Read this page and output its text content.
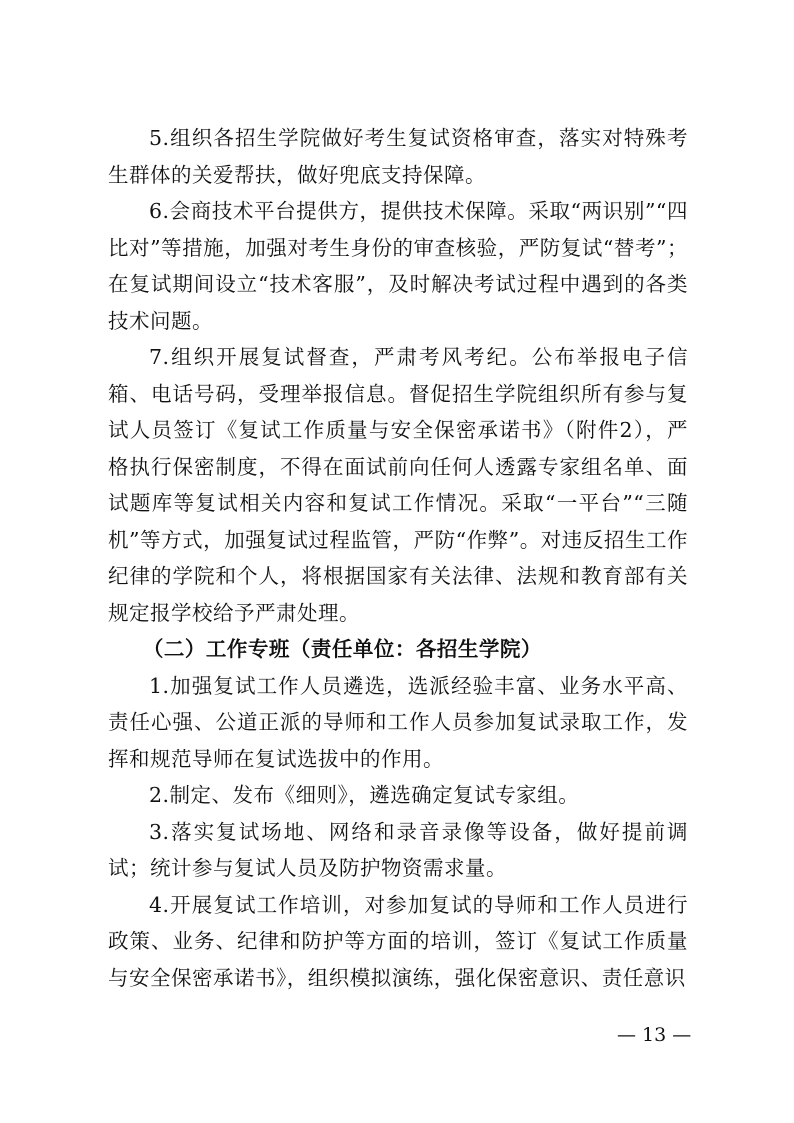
5.组织各招生学院做好考生复试资格审查，落实对特殊考生群体的关爱帮扶，做好兜底支持保障。

6.会商技术平台提供方，提供技术保障。采取“两识别”“四比对”等措施，加强对考生身份的审查核验，严防复试“替考”；在复试期间设立“技术客服”，及时解决考试过程中遇到的各类技术问题。

7.组织开展复试督查，严肃考风考纪。公布举报电子信箱、电话号码，受理举报信息。督促招生学院组织所有参与复试人员签订《复试工作质量与安全保密承诺书》（附件2），严格执行保密制度，不得在面试前向任何人透露专家组名单、面试题库等复试相关内容和复试工作情况。采取“一平台”“三随机”等方式，加强复试过程监管，严防“作弊”。对违反招生工作纪律的学院和个人，将根据国家有关法律、法规和教育部有关规定报学校给予严肃处理。

（二）工作专班（责任单位：各招生学院）

1.加强复试工作人员遴选，选派经验丰富、业务水平高、责任心强、公道正派的导师和工作人员参加复试录取工作，发挥和规范导师在复试选拔中的作用。

2.制定、发布《细则》，遴选确定复试专家组。

3.落实复试场地、网络和录音录像等设备，做好提前调试；统计参与复试人员及防护物资需求量。

4.开展复试工作培训，对参加复试的导师和工作人员进行政策、业务、纪律和防护等方面的培训，签订《复试工作质量与安全保密承诺书》，组织模拟演练，强化保密意识、责任意识

— 13 —
